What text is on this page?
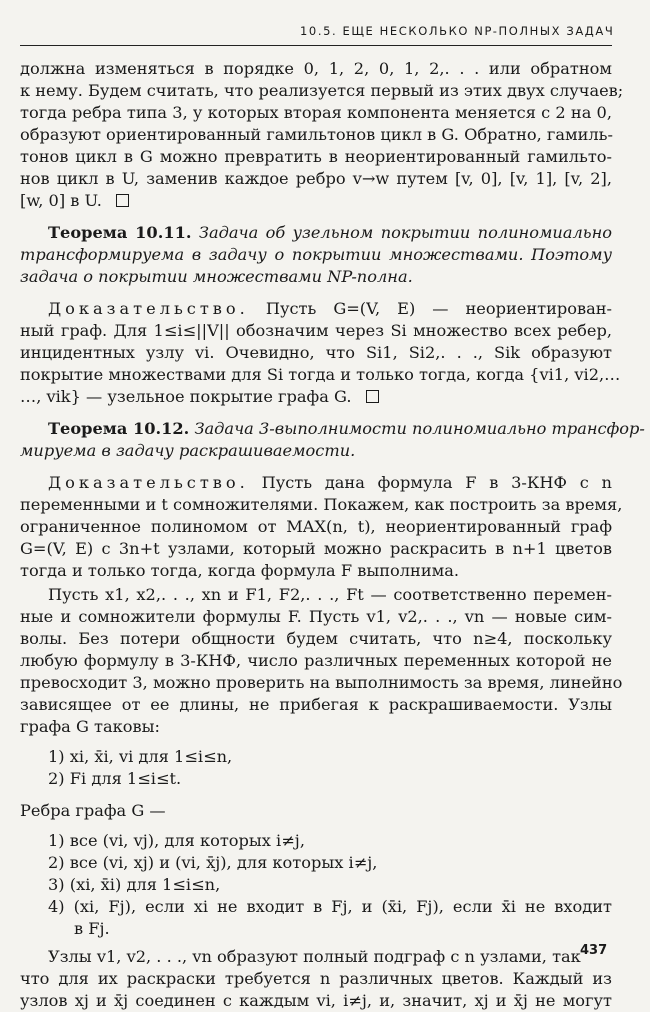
10.5. ЕЩЕ НЕСКОЛЬКО NP-ПОЛНЫХ ЗАДАЧ
должна изменяться в порядке 0, 1, 2, 0, 1, 2,. . . или обратном
к нему. Будем считать, что реализуется первый из этих двух случаев;
тогда ребра типа 3, у которых вторая компонента меняется с 2 на 0,
образуют ориентированный гамильтонов цикл в G. Обратно, гамиль-
тонов цикл в G можно превратить в неориентированный гамильто-
нов цикл в U, заменив каждое ребро v→w путем [v, 0], [v, 1], [v, 2],
[w, 0] в U.
Теорема 10.11. Задача об узельном покрытии полиномиально
трансформируема в задачу о покрытии множествами. Поэтому
задача о покрытии множествами NP-полна.
Доказательство. Пусть G=(V, E) — неориентирован-
ный граф. Для 1≤i≤||V|| обозначим через Si множество всех ребер,
инцидентных узлу vi. Очевидно, что Si1, Si2,. . ., Sik образуют
покрытие множествами для Si тогда и только тогда, когда {vi1, vi2,…
…, vik} — узельное покрытие графа G.
Теорема 10.12. Задача 3-выполнимости полиномиально трансфор-
мируема в задачу раскрашиваемости.
Доказательство. Пусть дана формула F в 3-КНФ с n
переменными и t сомножителями. Покажем, как построить за время,
ограниченное полиномом от MAX(n, t), неориентированный граф
G=(V, E) с 3n+t узлами, который можно раскрасить в n+1 цветов
тогда и только тогда, когда формула F выполнима.
Пусть x1, x2,. . ., xn и F1, F2,. . ., Ft — соответственно перемен-
ные и сомножители формулы F. Пусть v1, v2,. . ., vn — новые сим-
волы. Без потери общности будем считать, что n≥4, поскольку
любую формулу в 3-КНФ, число различных переменных которой не
превосходит 3, можно проверить на выполнимость за время, линейно
зависящее от ее длины, не прибегая к раскрашиваемости. Узлы
графа G таковы:
1) xi, x̄i, vi для 1≤i≤n,
2) Fi для 1≤i≤t.
Ребра графа G —
1) все (vi, vj), для которых i≠j,
2) все (vi, xj) и (vi, x̄j), для которых i≠j,
3) (xi, x̄i) для 1≤i≤n,
4) (xi, Fj), если xi не входит в Fj, и (x̄i, Fj), если x̄i не входит
в Fj.
Узлы v1, v2, . . ., vn образуют полный подграф с n узлами, так
что для их раскраски требуется n различных цветов. Каждый из
узлов xj и x̄j соединен с каждым vi, i≠j, и, значит, xj и x̄j не могут
437
